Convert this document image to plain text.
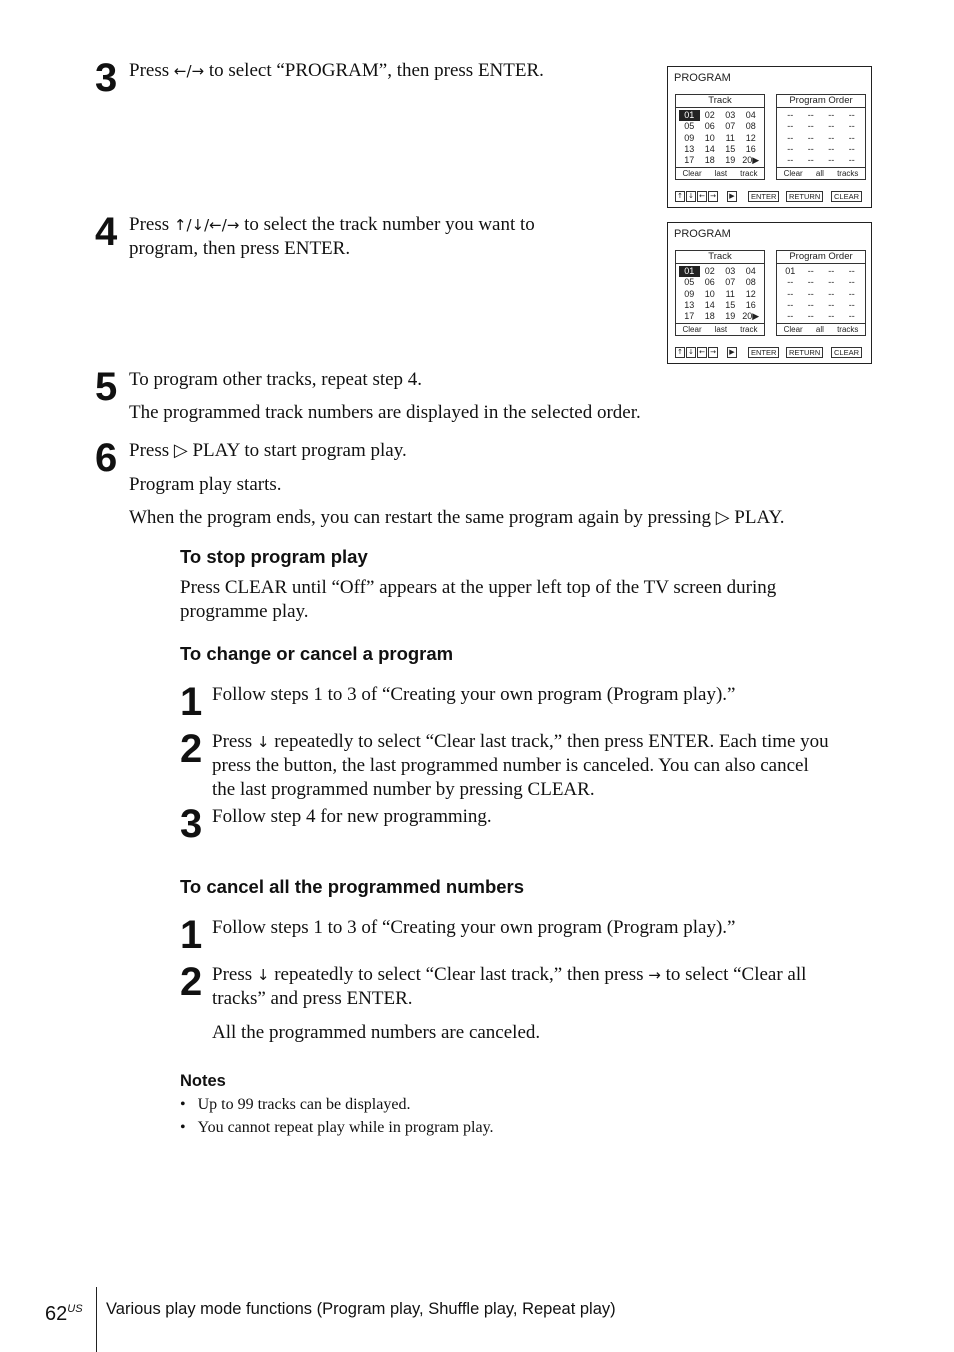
3 Press ←/→ to select “PROGRAM”, then press ENTER.
4 Press ↑/↓/←/→ to select the track number you want to
program, then press ENTER.
PROGRAM
Track
01	02	03	04
05	06	07	08
09	10	11	12
13	14	15	16
17	18	19 20▶
Clear last track
Program Order
--	--	--	--
--	--	--	--
--	--	--	--
--	--	--	--
--	--	--	--
Clear all tracks
↑ ↓ ← →	▶	ENTER	RETURN	CLEAR
PROGRAM
Track
01	02	03	04
05	06	07	08
09	10	11	12
13	14	15	16
17	18	19 20▶
Clear last track
Program Order
01	--	--	--
--	--	--	--
--	--	--	--
--	--	--	--
--	--	--	--
Clear all tracks
↑ ↓ ← →	▶	ENTER	RETURN	CLEAR
5 To program other tracks, repeat step 4.
The programmed track numbers are displayed in the selected order.
6 Press ▷ PLAY to start program play.
Program play starts.
When the program ends, you can restart the same program again by pressing ▷ PLAY.
To stop program play
Press CLEAR until “Off” appears at the upper left top of the TV screen during
programme play.
To change or cancel a program
1 Follow steps 1 to 3 of “Creating your own program (Program play).”
2 Press ↓ repeatedly to select “Clear last track,” then press ENTER. Each time you
press the button, the last programmed number is canceled. You can also cancel
the last programmed number by pressing CLEAR.
3 Follow step 4 for new programming.
To cancel all the programmed numbers
1 Follow steps 1 to 3 of “Creating your own program (Program play).”
2 Press ↓ repeatedly to select “Clear last track,” then press → to select “Clear all
tracks” and press ENTER.
All the programmed numbers are canceled.
Notes
•   Up to 99 tracks can be displayed.
•   You cannot repeat play while in program play.
$62^{US}$ Various play mode functions (Program play, Shuffle play, Repeat play)
